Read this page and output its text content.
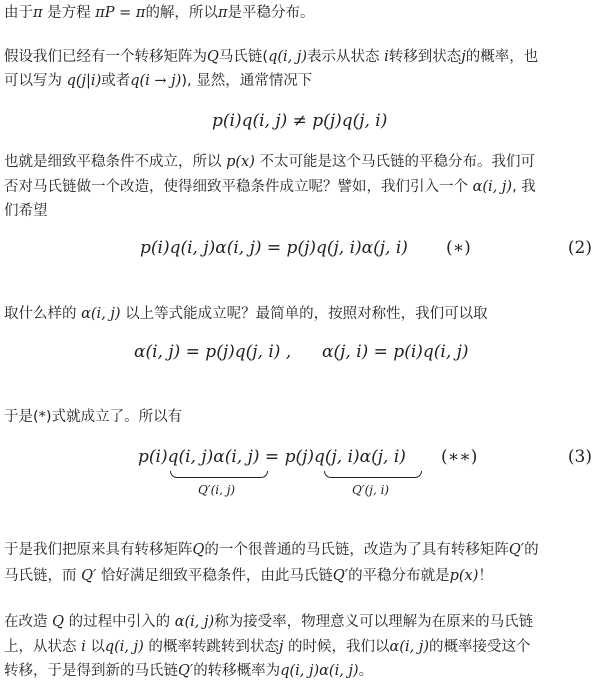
由于π 是方程 πP = π的解，所以π是平稳分布。
假设我们已经有一个转移矩阵为Q马氏链(q(i, j)表示从状态 i转移到状态j的概率，也
可以写为 q(j|i)或者q(i → j)), 显然，通常情况下
p(i)q(i, j) ≠ p(j)q(j, i)
也就是细致平稳条件不成立，所以 p(x) 不太可能是这个马氏链的平稳分布。我们可
否对马氏链做一个改造，使得细致平稳条件成立呢？譬如，我们引入一个 α(i, j), 我
们希望
p(i)q(i, j)α(i, j) = p(j)q(j, i)α(j, i) (∗)	(2)
取什么样的 α(i, j) 以上等式能成立呢？最简单的，按照对称性，我们可以取
α(i, j) = p(j)q(j, i) , α(j, i) = p(i)q(i, j)
于是(*)式就成立了。所以有
p(i)q(i, j)α(i, j) = p(j)q(j, i)α(j, i) (∗∗)	(3)
Q′(i, j)	Q′(j, i)
于是我们把原来具有转移矩阵Q的一个很普通的马氏链，改造为了具有转移矩阵Q′的
马氏链，而 Q′ 恰好满足细致平稳条件，由此马氏链Q′的平稳分布就是p(x)！
在改造 Q 的过程中引入的 α(i, j)称为接受率，物理意义可以理解为在原来的马氏链
上，从状态 i 以q(i, j) 的概率转跳转到状态j 的时候，我们以α(i, j)的概率接受这个
转移，于是得到新的马氏链Q′的转移概率为q(i, j)α(i, j)。
